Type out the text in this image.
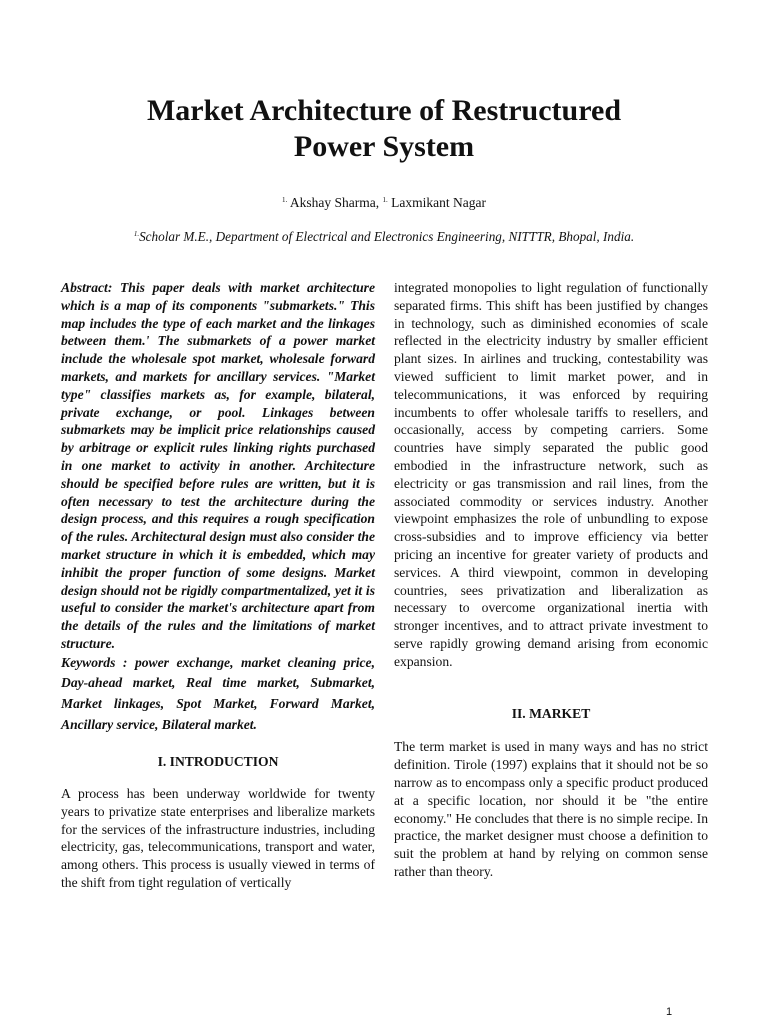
Market Architecture of Restructured
Power System
$^{1.}$ Akshay Sharma, $^{1.}$ Laxmikant Nagar
$^{1.}$Scholar M.E., Department of Electrical and Electronics Engineering, NITTTR, Bhopal, India.

Abstract: This paper deals with market architecture which is a map of its components "submarkets." This map includes the type of each market and the linkages between them.' The submarkets of a power market include the wholesale spot market, wholesale forward markets, and markets for ancillary services. "Market type" classifies markets as, for example, bilateral, private exchange, or pool. Linkages between submarkets may be implicit price relationships caused by arbitrage or explicit rules linking rights purchased in one market to activity in another. Architecture should be specified before rules are written, but it is often necessary to test the architecture during the design process, and this requires a rough specification of the rules. Architectural design must also consider the market structure in which it is embedded, which may inhibit the proper function of some designs. Market design should not be rigidly compartmentalized, yet it is useful to consider the market's architecture apart from the details of the rules and the limitations of market structure.

Keywords : power exchange, market cleaning price, Day-ahead market, Real time market, Submarket, Market linkages, Spot Market, Forward Market, Ancillary service, Bilateral market.

I. INTRODUCTION

A process has been underway worldwide for twenty years to privatize state enterprises and liberalize markets for the services of the infrastructure industries, including electricity, gas, telecommunications, transport and water, among others. This process is usually viewed in terms of the shift from tight regulation of vertically

integrated monopolies to light regulation of functionally separated firms. This shift has been justified by changes in technology, such as diminished economies of scale reflected in the electricity industry by smaller efficient plant sizes. In airlines and trucking, contestability was viewed sufficient to limit market power, and in telecommunications, it was enforced by requiring incumbents to offer wholesale tariffs to resellers, and occasionally, access by competing carriers. Some countries have simply separated the public good embodied in the infrastructure network, such as electricity or gas transmission and rail lines, from the associated commodity or services industry. Another viewpoint emphasizes the role of unbundling to expose cross-subsidies and to improve efficiency via better pricing an incentive for greater variety of products and services. A third viewpoint, common in developing countries, sees privatization and liberalization as necessary to overcome organizational inertia with stronger incentives, and to attract private investment to serve rapidly growing demand arising from economic expansion.

II. MARKET

The term market is used in many ways and has no strict definition. Tirole (1997) explains that it should not be so narrow as to encompass only a specific product produced at a specific location, nor should it be "the entire economy." He concludes that there is no simple recipe. In practice, the market designer must choose a definition to suit the problem at hand by relying on common sense rather than theory.

1
